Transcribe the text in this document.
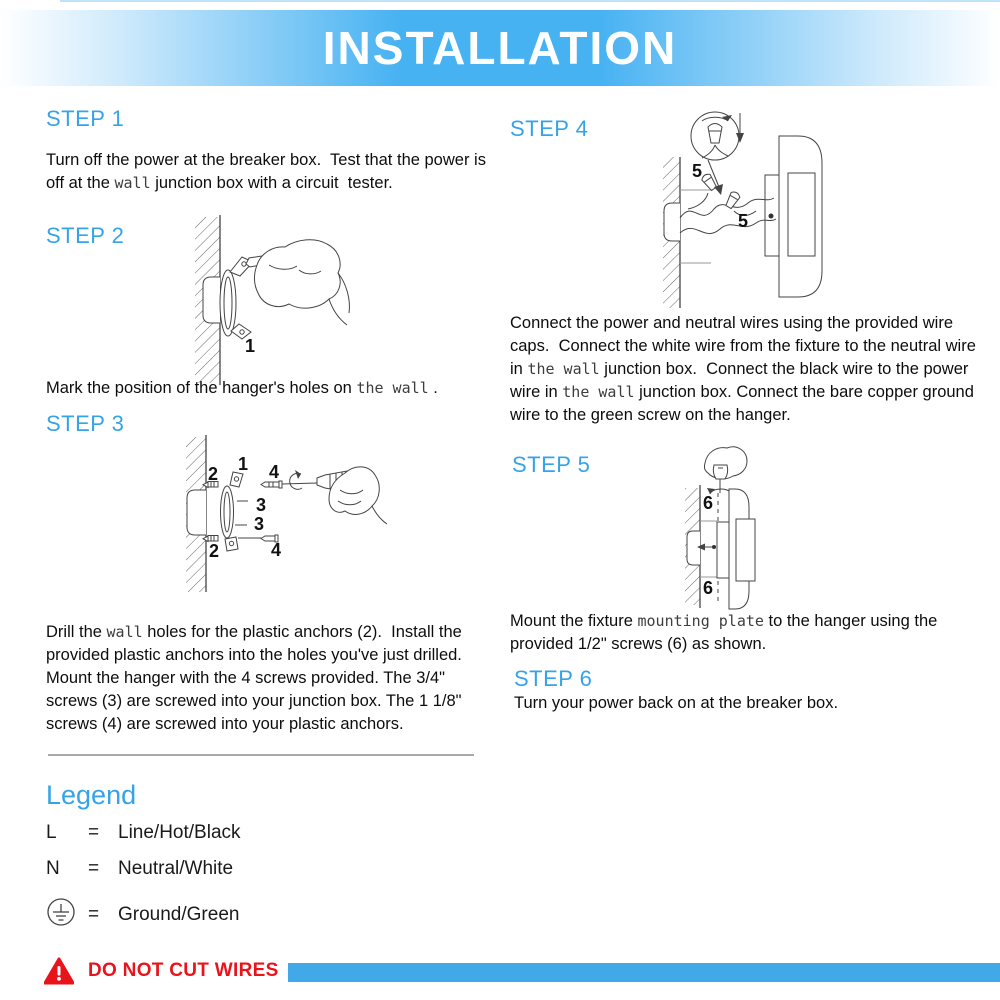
INSTALLATION
STEP 1
Turn off the power at the breaker box.  Test that the power is off at the wall junction box with a circuit  tester.
STEP 2
1
Mark the position of the hanger's holes on the wall .
STEP 3
1
2
2
3
3
4
4
Drill the wall holes for the plastic anchors (2).  Install the provided plastic anchors into the holes you've just drilled.  Mount the hanger with the 4 screws provided. The 3/4" screws (3) are screwed into your junction box. The 1 1/8" screws (4) are screwed into your plastic anchors.
Legend
L	= Line/Hot/Black
N	= Neutral/White
= Ground/Green
STEP 4
5
5
Connect the power and neutral wires using the provided wire caps.  Connect the white wire from the fixture to the neutral wire in the wall junction box.  Connect the black wire to the power wire in the wall junction box. Connect the bare copper ground wire to the green screw on the hanger.
STEP 5
6
6
Mount the fixture mounting plate to the hanger using the provided 1/2" screws (6) as shown.
STEP 6
Turn your power back on at the breaker box.
DO NOT CUT WIRES
